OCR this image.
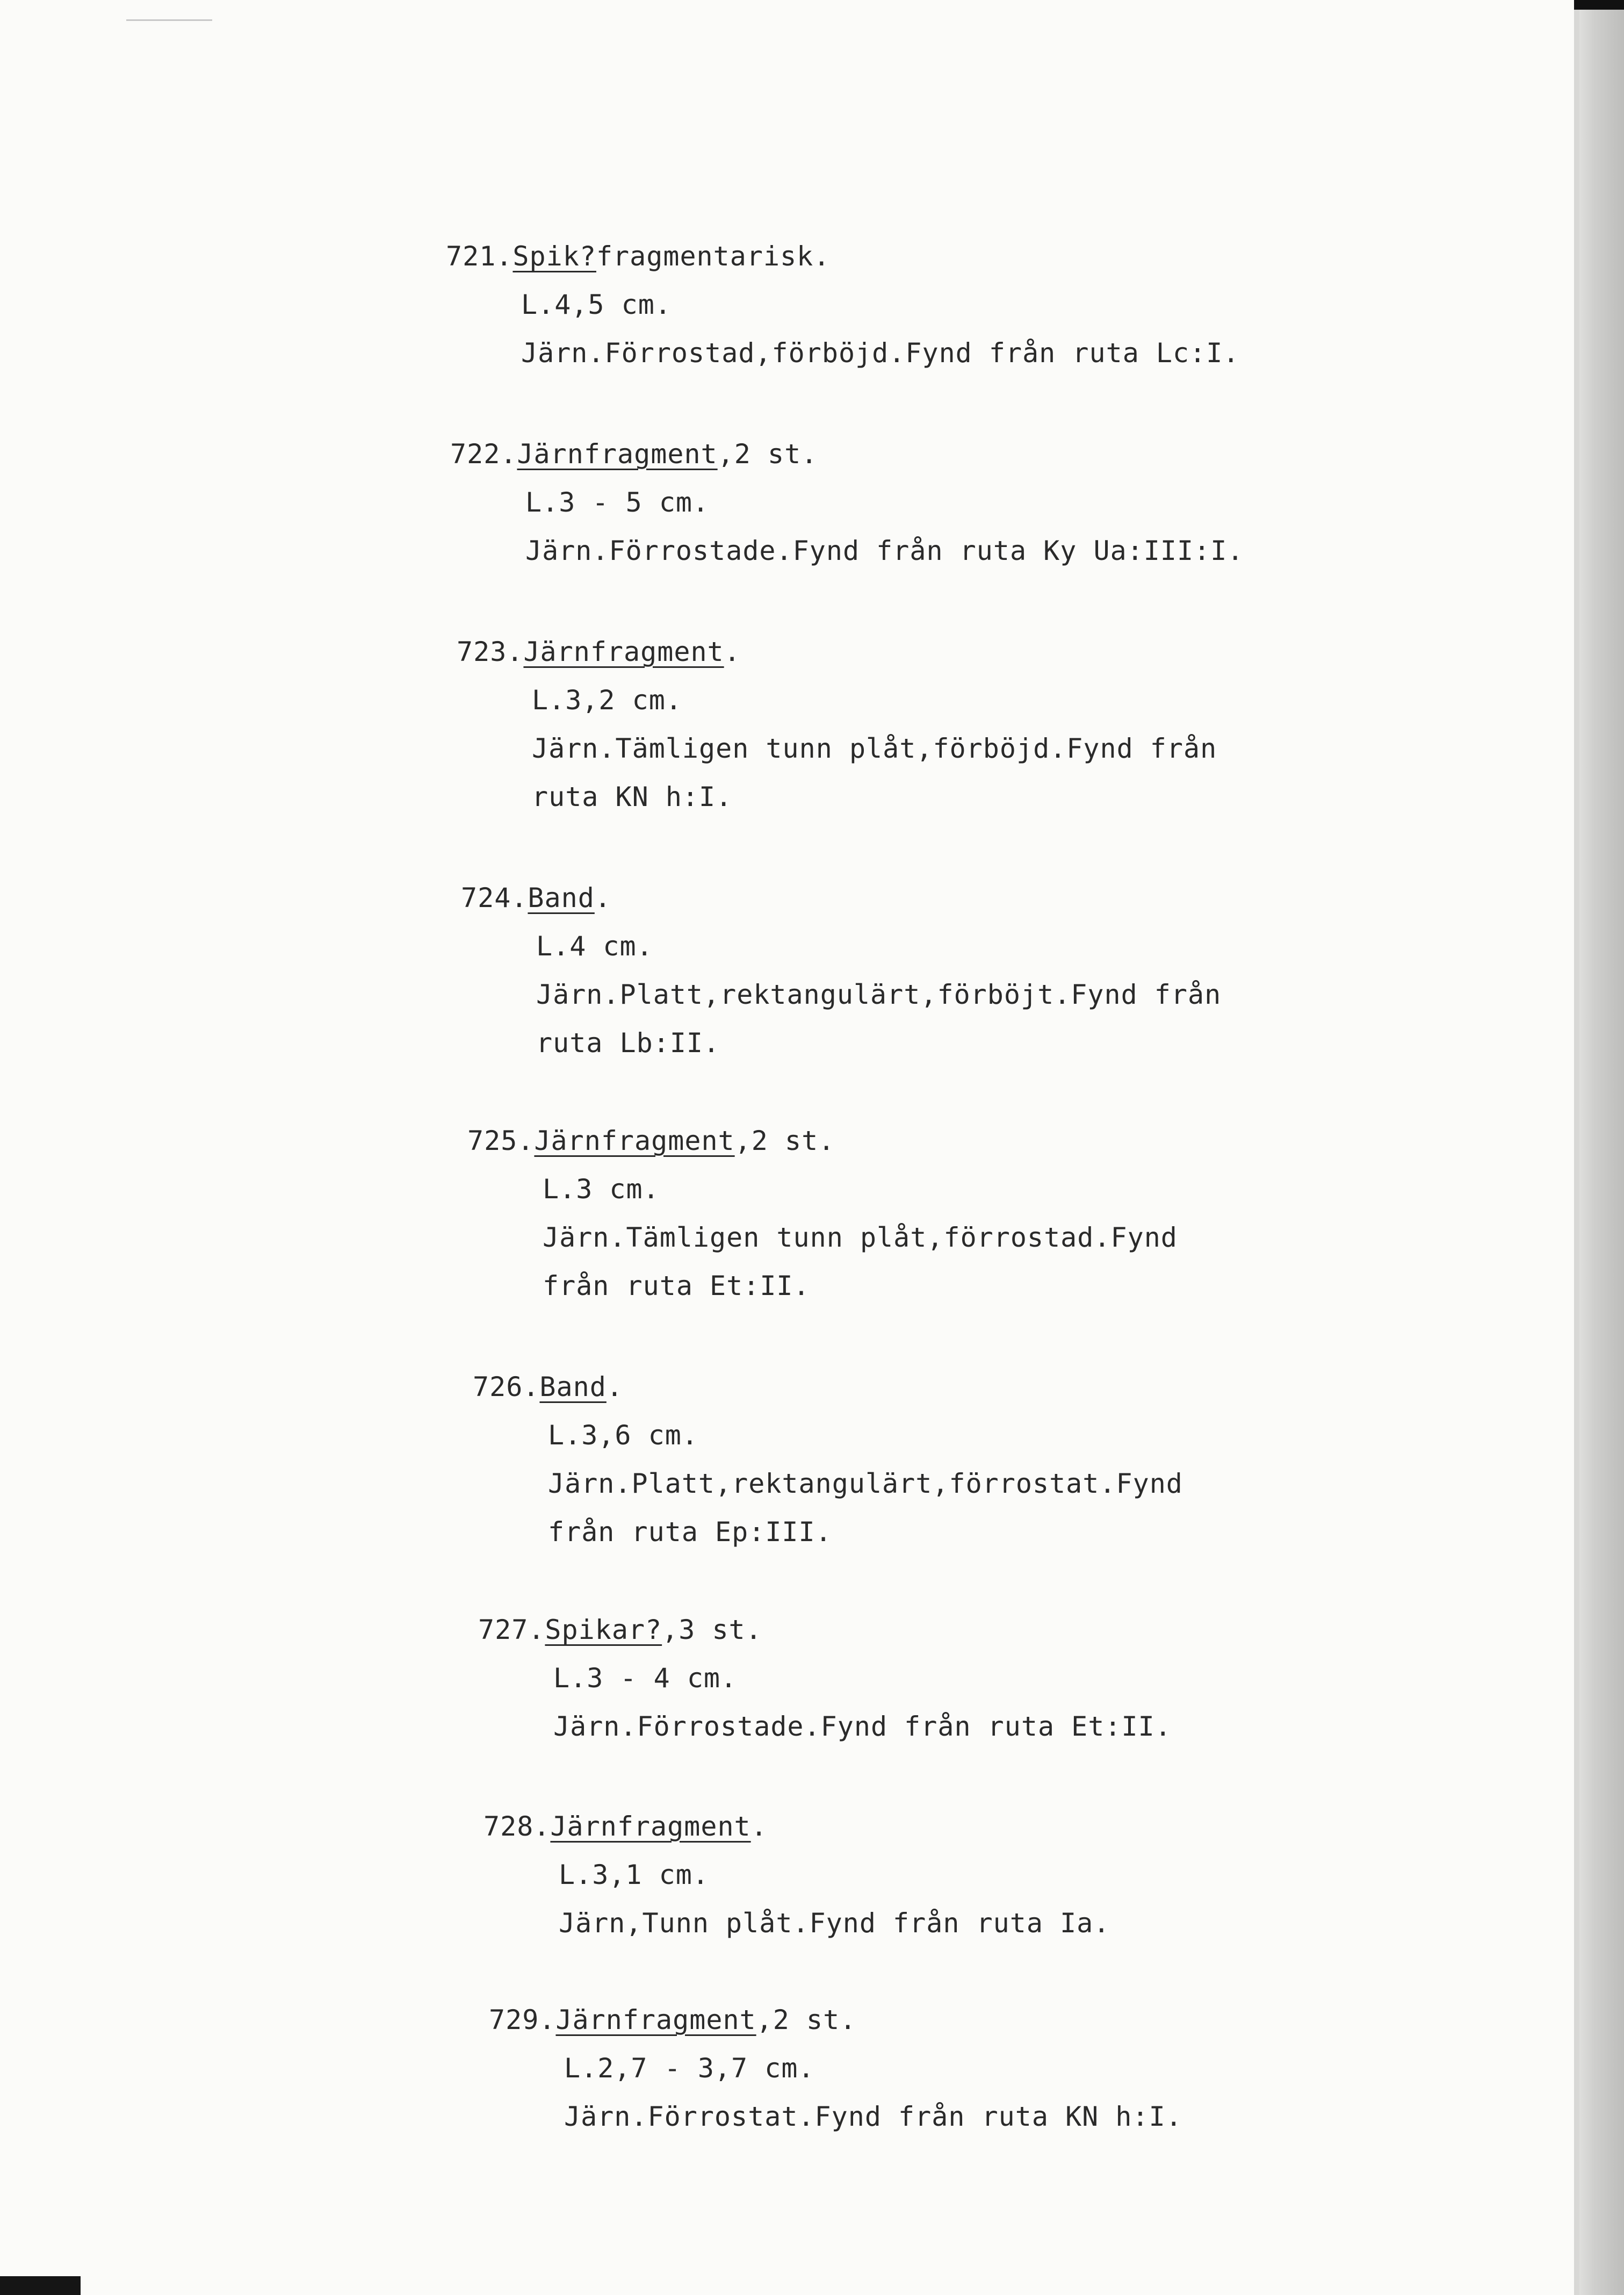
721.Spik?fragmentarisk.
L.4,5 cm.
Järn.Förrostad,förböjd.Fynd från ruta Lc:I.
722.Järnfragment,2 st.
L.3 - 5 cm.
Järn.Förrostade.Fynd från ruta Ky Ua:III:I.
723.Järnfragment.
L.3,2 cm.
Järn.Tämligen tunn plåt,förböjd.Fynd från
ruta KN h:I.
724.Band.
L.4 cm.
Järn.Platt,rektangulärt,förböjt.Fynd från
ruta Lb:II.
725.Järnfragment,2 st.
L.3 cm.
Järn.Tämligen tunn plåt,förrostad.Fynd
från ruta Et:II.
726.Band.
L.3,6 cm.
Järn.Platt,rektangulärt,förrostat.Fynd
från ruta Ep:III.
727.Spikar?,3 st.
L.3 - 4 cm.
Järn.Förrostade.Fynd från ruta Et:II.
728.Järnfragment.
L.3,1 cm.
Järn,Tunn plåt.Fynd från ruta Ia.
729.Järnfragment,2 st.
L.2,7 - 3,7 cm.
Järn.Förrostat.Fynd från ruta KN h:I.
